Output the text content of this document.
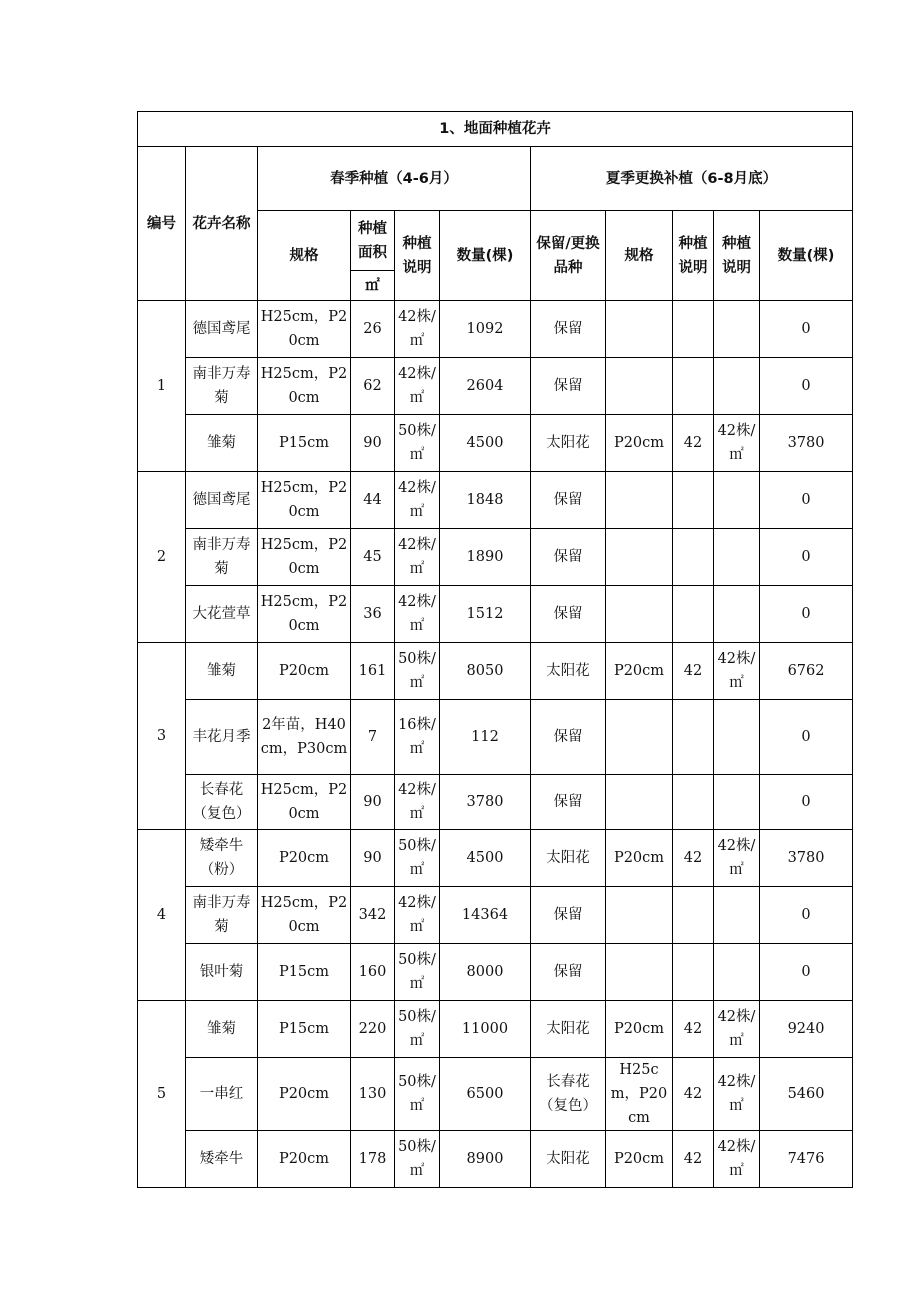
1、地面种植花卉										
编号	花卉名称	春季种植（4-6月）				夏季更换补植（6-8月底）				
		规格	种植面积	种植说明	数量(棵)	保留/更换品种	规格	种植说明	种植说明	数量(棵)
			㎡							
1	德国鸢尾	H25cm，P20cm	26	42株/㎡	1092	保留				0
	南非万寿菊	H25cm，P20cm	62	42株/㎡	2604	保留				0
	雏菊	P15cm	90	50株/㎡	4500	太阳花	P20cm	42	42株/㎡	3780
2	德国鸢尾	H25cm，P20cm	44	42株/㎡	1848	保留				0
	南非万寿菊	H25cm，P20cm	45	42株/㎡	1890	保留				0
	大花萱草	H25cm，P20cm	36	42株/㎡	1512	保留				0
3	雏菊	P20cm	161	50株/㎡	8050	太阳花	P20cm	42	42株/㎡	6762
	丰花月季	2年苗，H40cm，P30cm	7	16株/㎡	112	保留				0
	长春花（复色）	H25cm，P20cm	90	42株/㎡	3780	保留				0
4	矮牵牛（粉）	P20cm	90	50株/㎡	4500	太阳花	P20cm	42	42株/㎡	3780
	南非万寿菊	H25cm，P20cm	342	42株/㎡	14364	保留				0
	银叶菊	P15cm	160	50株/㎡	8000	保留				0
5	雏菊	P15cm	220	50株/㎡	11000	太阳花	P20cm	42	42株/㎡	9240
	一串红	P20cm	130	50株/㎡	6500	长春花（复色）	H25cm，P20cm	42	42株/㎡	5460
	矮牵牛	P20cm	178	50株/㎡	8900	太阳花	P20cm	42	42株/㎡	7476
